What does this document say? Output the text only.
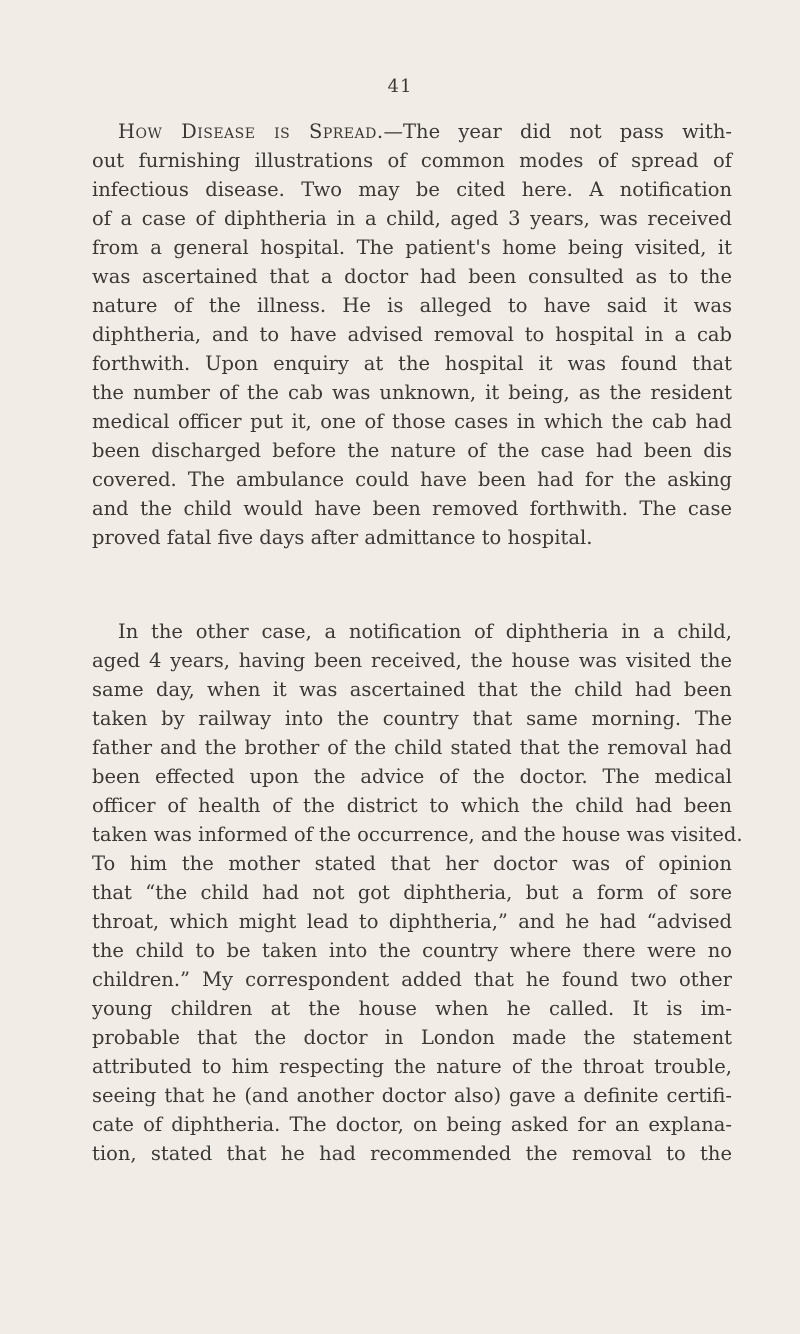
41
How Disease is Spread.—The year did not pass with-
out furnishing illustrations of common modes of spread of
infectious disease. Two may be cited here. A notification
of a case of diphtheria in a child, aged 3 years, was received
from a general hospital. The patient's home being visited, it
was ascertained that a doctor had been consulted as to the
nature of the illness. He is alleged to have said it was
diphtheria, and to have advised removal to hospital in a cab
forthwith. Upon enquiry at the hospital it was found that
the number of the cab was unknown, it being, as the resident
medical officer put it, one of those cases in which the cab had
been discharged before the nature of the case had been dis
covered. The ambulance could have been had for the asking
and the child would have been removed forthwith. The case
proved fatal five days after admittance to hospital.
In the other case, a notification of diphtheria in a child,
aged 4 years, having been received, the house was visited the
same day, when it was ascertained that the child had been
taken by railway into the country that same morning. The
father and the brother of the child stated that the removal had
been effected upon the advice of the doctor. The medical
officer of health of the district to which the child had been
taken was informed of the occurrence, and the house was visited.
To him the mother stated that her doctor was of opinion
that “the child had not got diphtheria, but a form of sore
throat, which might lead to diphtheria,” and he had “advised
the child to be taken into the country where there were no
children.” My correspondent added that he found two other
young children at the house when he called. It is im-
probable that the doctor in London made the statement
attributed to him respecting the nature of the throat trouble,
seeing that he (and another doctor also) gave a definite certifi-
cate of diphtheria. The doctor, on being asked for an explana-
tion, stated that he had recommended the removal to the
